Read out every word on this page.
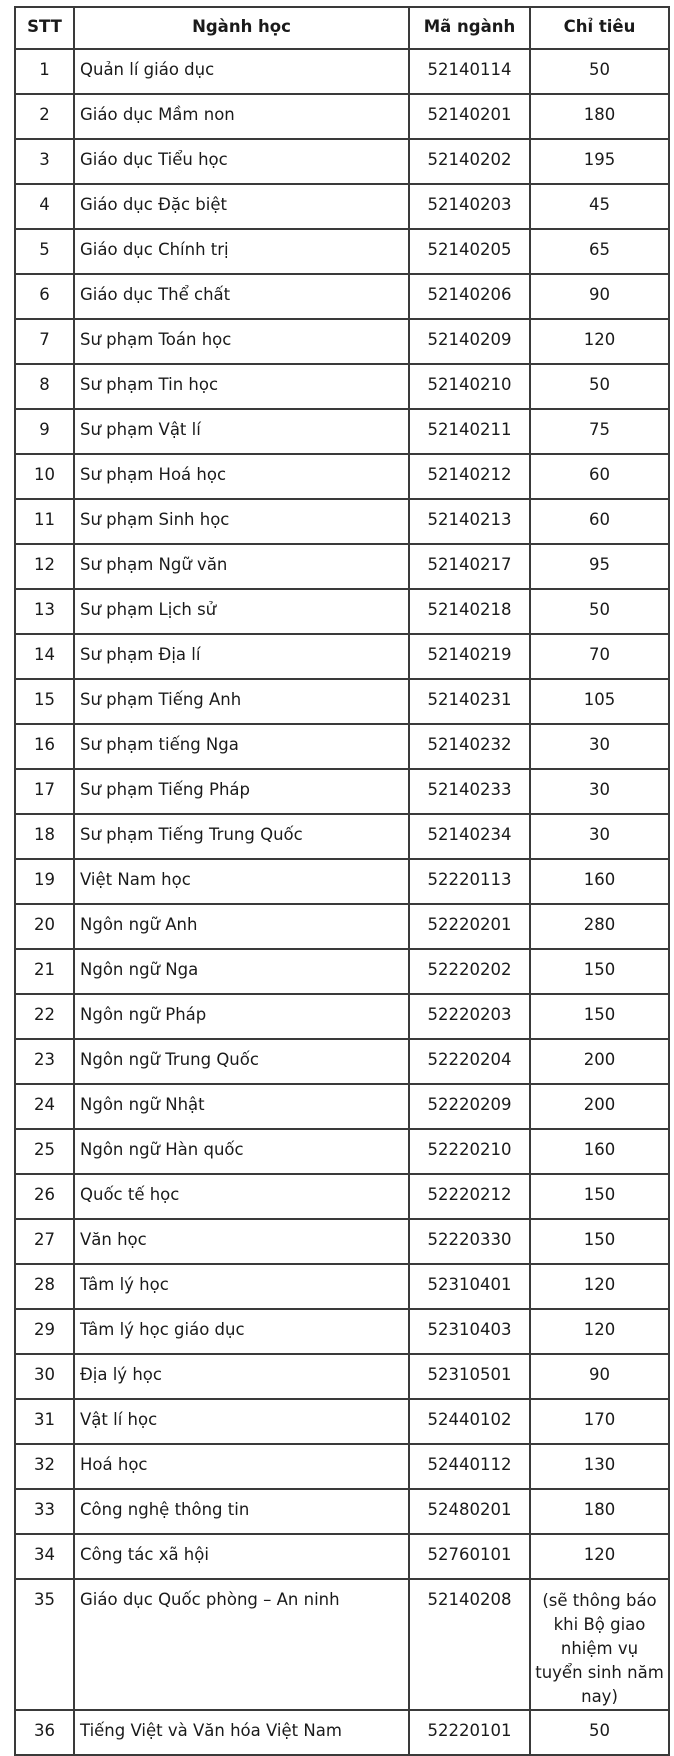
STT	Ngành học	Mã ngành	Chỉ tiêu
1	Quản lí giáo dục	52140114	50
2	Giáo dục Mầm non	52140201	180
3	Giáo dục Tiểu học	52140202	195
4	Giáo dục Đặc biệt	52140203	45
5	Giáo dục Chính trị	52140205	65
6	Giáo dục Thể chất	52140206	90
7	Sư phạm Toán học	52140209	120
8	Sư phạm Tin học	52140210	50
9	Sư phạm Vật lí	52140211	75
10	Sư phạm Hoá học	52140212	60
11	Sư phạm Sinh học	52140213	60
12	Sư phạm Ngữ văn	52140217	95
13	Sư phạm Lịch sử	52140218	50
14	Sư phạm Địa lí	52140219	70
15	Sư phạm Tiếng Anh	52140231	105
16	Sư phạm tiếng Nga	52140232	30
17	Sư phạm Tiếng Pháp	52140233	30
18	Sư phạm Tiếng Trung Quốc	52140234	30
19	Việt Nam học	52220113	160
20	Ngôn ngữ Anh	52220201	280
21	Ngôn ngữ Nga	52220202	150
22	Ngôn ngữ Pháp	52220203	150
23	Ngôn ngữ Trung Quốc	52220204	200
24	Ngôn ngữ Nhật	52220209	200
25	Ngôn ngữ Hàn quốc	52220210	160
26	Quốc tế học	52220212	150
27	Văn học	52220330	150
28	Tâm lý học	52310401	120
29	Tâm lý học giáo dục	52310403	120
30	Địa lý học	52310501	90
31	Vật lí học	52440102	170
32	Hoá học	52440112	130
33	Công nghệ thông tin	52480201	180
34	Công tác xã hội	52760101	120
35	Giáo dục Quốc phòng – An ninh	52140208	(sẽ thông báo khi Bộ giao nhiệm vụ tuyển sinh năm nay)
36	Tiếng Việt và Văn hóa Việt Nam	52220101	50
